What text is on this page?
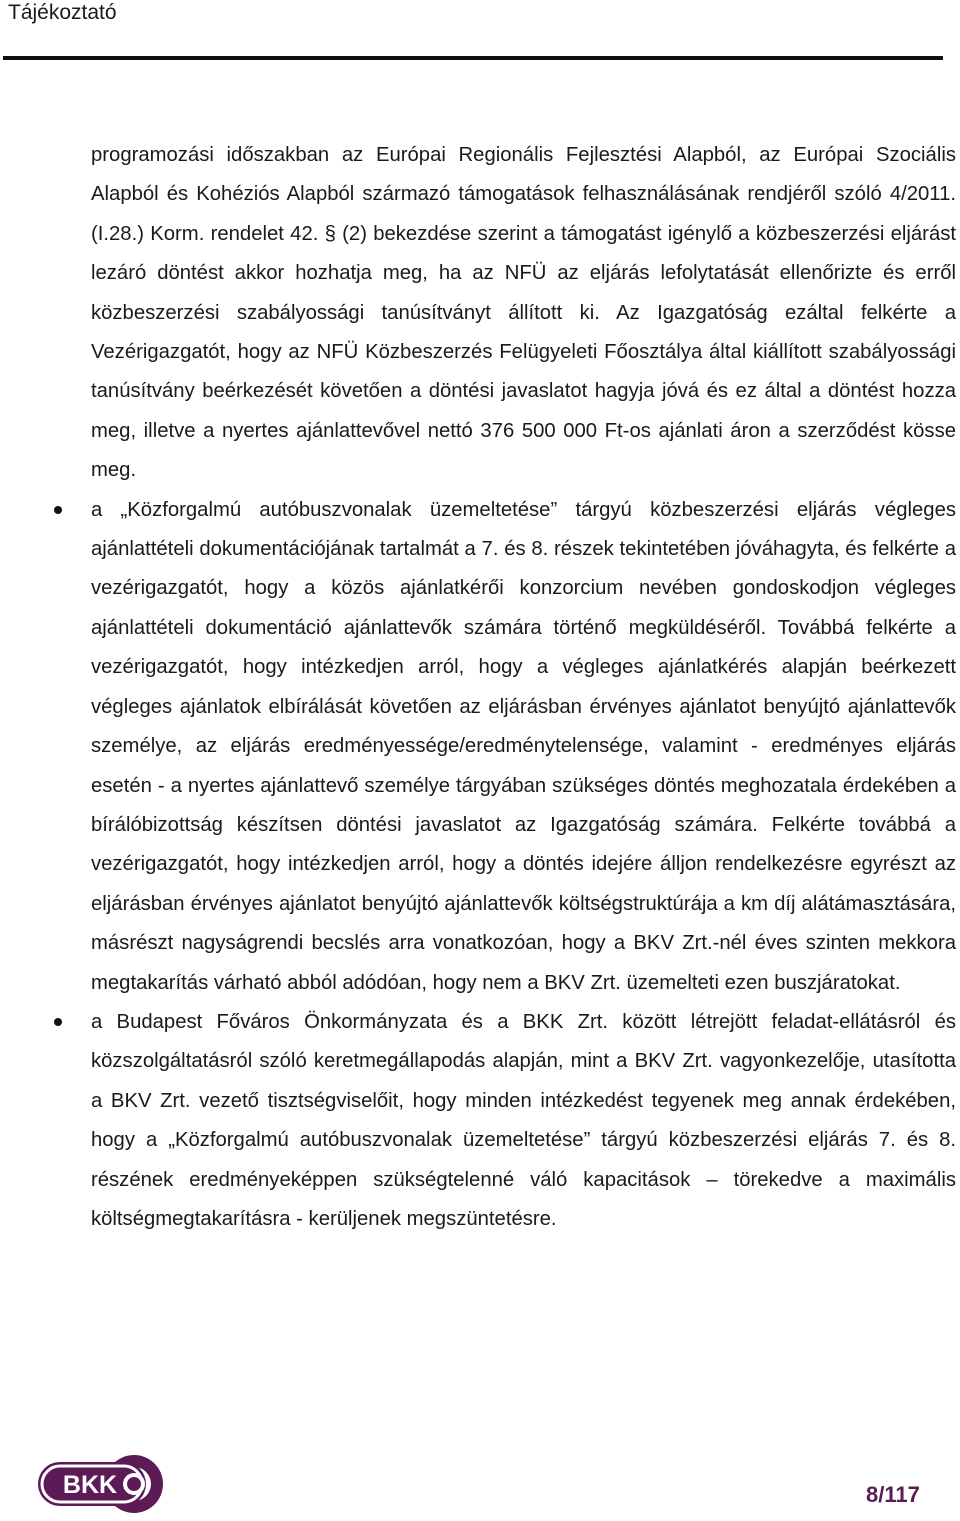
Tájékoztató

programozási időszakban az Európai Regionális Fejlesztési Alapból, az Európai Szociális Alapból és Kohéziós Alapból származó támogatások felhasználásának rendjéről szóló 4/2011. (I.28.) Korm. rendelet 42. § (2) bekezdése szerint a támogatást igénylő a közbeszerzési eljárást lezáró döntést akkor hozhatja meg, ha az NFÜ az eljárás lefolytatását ellenőrizte és erről közbeszerzési szabályossági tanúsítványt állított ki. Az Igazgatóság ezáltal felkérte a Vezérigazgatót, hogy az NFÜ Közbeszerzés Felügyeleti Főosztálya által kiállított szabályossági tanúsítvány beérkezését követően a döntési javaslatot hagyja jóvá és ez által a döntést hozza meg, illetve a nyertes ajánlattevővel nettó 376 500 000 Ft-os ajánlati áron a szerződést kösse meg.

a „Közforgalmú autóbuszvonalak üzemeltetése” tárgyú közbeszerzési eljárás végleges ajánlattételi dokumentációjának tartalmát a 7. és 8. részek tekintetében jóváhagyta, és felkérte a vezérigazgatót, hogy a közös ajánlatkérői konzorcium nevében gondoskodjon végleges ajánlattételi dokumentáció ajánlattevők számára történő megküldéséről. Továbbá felkérte a vezérigazgatót, hogy intézkedjen arról, hogy a végleges ajánlatkérés alapján beérkezett végleges ajánlatok elbírálását követően az eljárásban érvényes ajánlatot benyújtó ajánlattevők személye, az eljárás eredményessége/eredménytelensége, valamint - eredményes eljárás esetén - a nyertes ajánlattevő személye tárgyában szükséges döntés meghozatala érdekében a bírálóbizottság készítsen döntési javaslatot az Igazgatóság számára. Felkérte továbbá a vezérigazgatót, hogy intézkedjen arról, hogy a döntés idejére álljon rendelkezésre egyrészt az eljárásban érvényes ajánlatot benyújtó ajánlattevők költségstruktúrája a km díj alátámasztására, másrészt nagyságrendi becslés arra vonatkozóan, hogy a BKV Zrt.-nél éves szinten mekkora megtakarítás várható abból adódóan, hogy nem a BKV Zrt. üzemelteti ezen buszjáratokat.

a Budapest Főváros Önkormányzata és a BKK Zrt. között létrejött feladat-ellátásról és közszolgáltatásról szóló keretmegállapodás alapján, mint a BKV Zrt. vagyonkezelője, utasította a BKV Zrt. vezető tisztségviselőit, hogy minden intézkedést tegyenek meg annak érdekében, hogy a „Közforgalmú autóbuszvonalak üzemeltetése” tárgyú közbeszerzési eljárás 7. és 8. részének eredményeképpen szükségtelenné váló kapacitások – törekedve a maximális költségmegtakarításra - kerüljenek megszüntetésre.

BKK	8/117
